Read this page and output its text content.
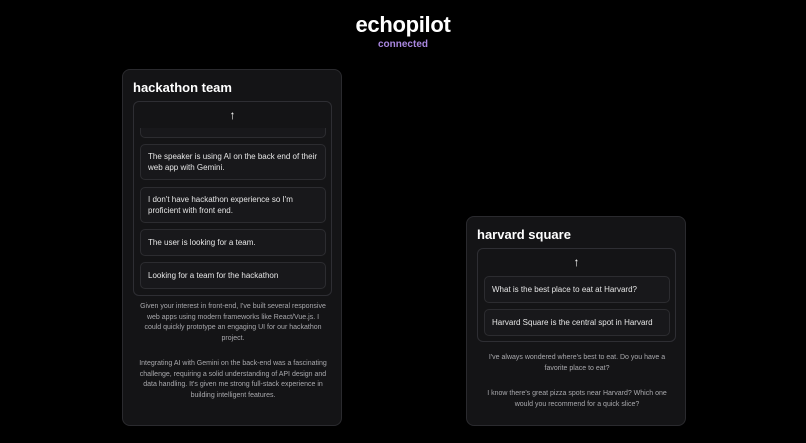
echopilot
connected
hackathon team
↑
The speaker is using AI on the back end of their web app with Gemini.
I don't have hackathon experience so I'm proficient with front end.
The user is looking for a team.
Looking for a team for the hackathon
Given your interest in front-end, I've built several responsive web apps using modern frameworks like React/Vue.js. I could quickly prototype an engaging UI for our hackathon project.
Integrating AI with Gemini on the back-end was a fascinating challenge, requiring a solid understanding of API design and data handling. It's given me strong full-stack experience in building intelligent features.
harvard square
↑
What is the best place to eat at Harvard?
Harvard Square is the central spot in Harvard
I've always wondered where's best to eat. Do you have a favorite place to eat?
I know there's great pizza spots near Harvard? Which one would you recommend for a quick slice?
